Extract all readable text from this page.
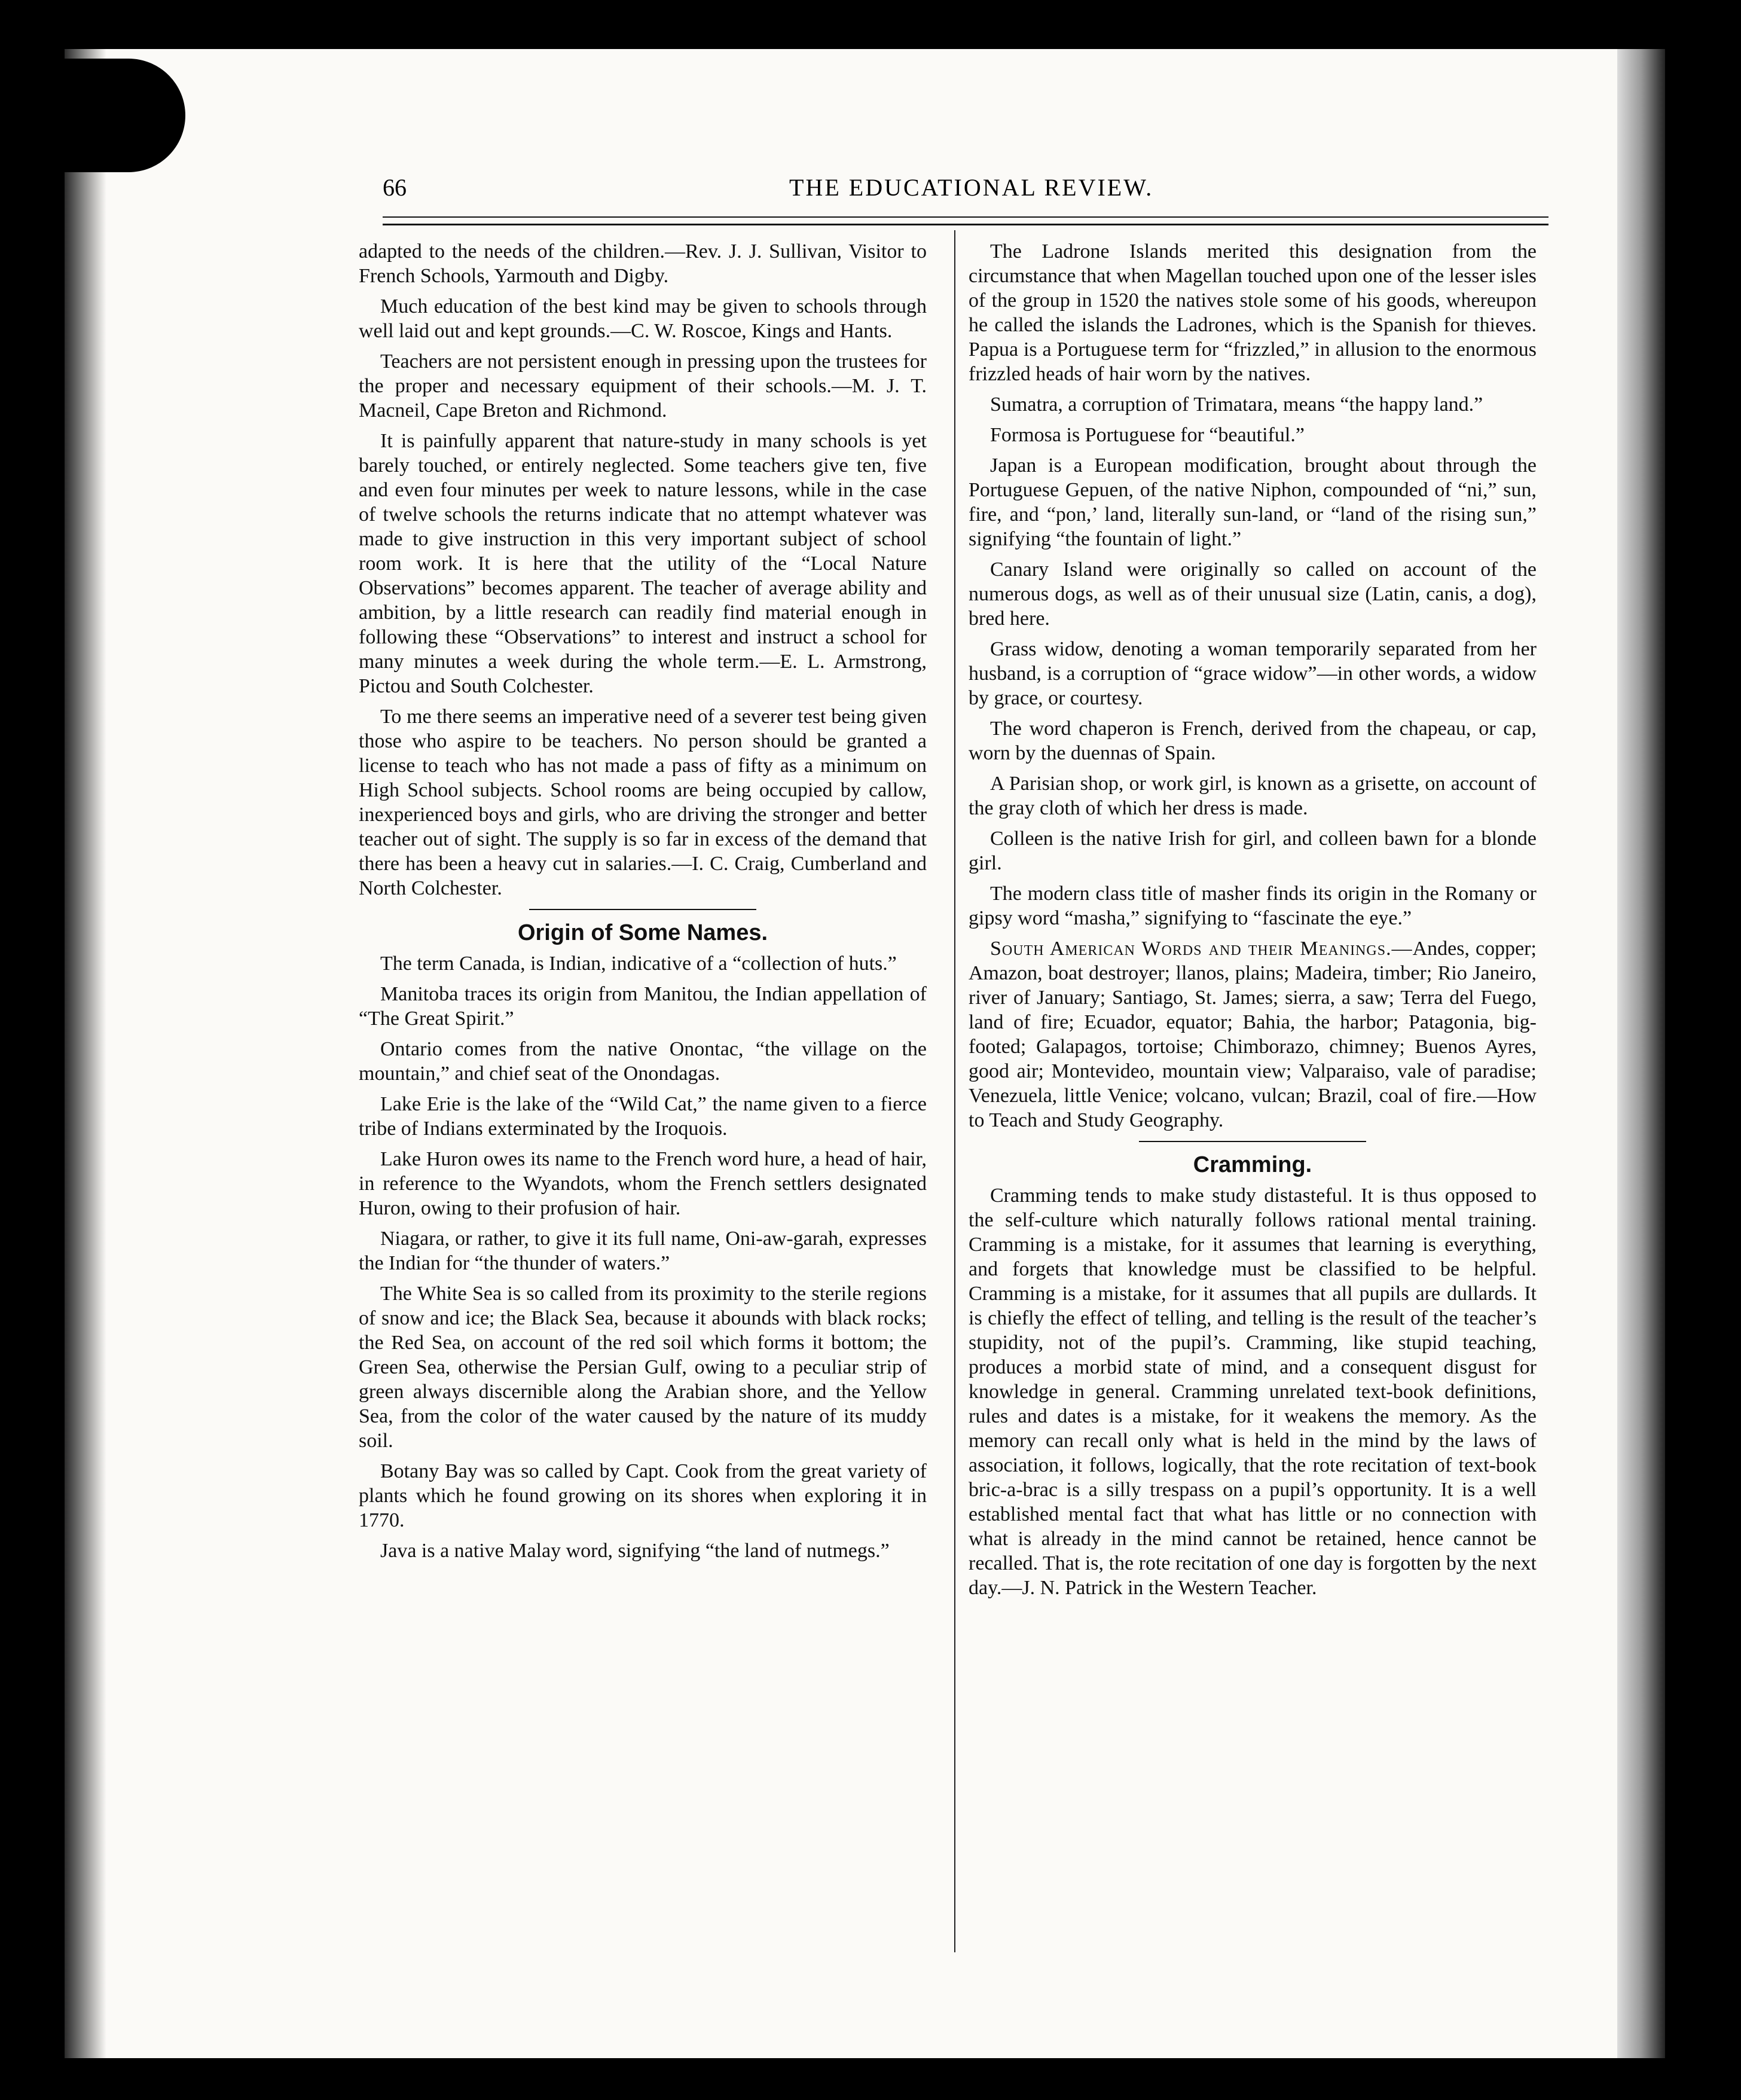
66	THE EDUCATIONAL REVIEW.

adapted to the needs of the children.—Rev. J. J. Sullivan, Visitor to French Schools, Yarmouth and Digby.

Much education of the best kind may be given to schools through well laid out and kept grounds.—C. W. Roscoe, Kings and Hants.

Teachers are not persistent enough in pressing upon the trustees for the proper and necessary equipment of their schools.—M. J. T. Macneil, Cape Breton and Richmond.

It is painfully apparent that nature-study in many schools is yet barely touched, or entirely neglected. Some teachers give ten, five and even four minutes per week to nature lessons, while in the case of twelve schools the returns indicate that no attempt whatever was made to give instruction in this very important subject of school room work. It is here that the utility of the “Local Nature Observations” becomes apparent. The teacher of average ability and ambition, by a little research can readily find material enough in following these “Observations” to interest and instruct a school for many minutes a week during the whole term.—E. L. Armstrong, Pictou and South Colchester.

To me there seems an imperative need of a severer test being given those who aspire to be teachers. No person should be granted a license to teach who has not made a pass of fifty as a minimum on High School subjects. School rooms are being occupied by callow, inexperienced boys and girls, who are driving the stronger and better teacher out of sight. The supply is so far in excess of the demand that there has been a heavy cut in salaries.—I. C. Craig, Cumberland and North Colchester.

Origin of Some Names.

The term Canada, is Indian, indicative of a “collection of huts.”

Manitoba traces its origin from Manitou, the Indian appellation of “The Great Spirit.”

Ontario comes from the native Onontac, “the village on the mountain,” and chief seat of the Onondagas.

Lake Erie is the lake of the “Wild Cat,” the name given to a fierce tribe of Indians exterminated by the Iroquois.

Lake Huron owes its name to the French word hure, a head of hair, in reference to the Wyandots, whom the French settlers designated Huron, owing to their profusion of hair.

Niagara, or rather, to give it its full name, Oni-aw-garah, expresses the Indian for “the thunder of waters.”

The White Sea is so called from its proximity to the sterile regions of snow and ice; the Black Sea, because it abounds with black rocks; the Red Sea, on account of the red soil which forms it bottom; the Green Sea, otherwise the Persian Gulf, owing to a peculiar strip of green always discernible along the Arabian shore, and the Yellow Sea, from the color of the water caused by the nature of its muddy soil.

Botany Bay was so called by Capt. Cook from the great variety of plants which he found growing on its shores when exploring it in 1770.

Java is a native Malay word, signifying “the land of nutmegs.”

The Ladrone Islands merited this designation from the circumstance that when Magellan touched upon one of the lesser isles of the group in 1520 the natives stole some of his goods, whereupon he called the islands the Ladrones, which is the Spanish for thieves. Papua is a Portuguese term for “frizzled,” in allusion to the enormous frizzled heads of hair worn by the natives.

Sumatra, a corruption of Trimatara, means “the happy land.”

Formosa is Portuguese for “beautiful.”

Japan is a European modification, brought about through the Portuguese Gepuen, of the native Niphon, compounded of “ni,” sun, fire, and “pon,’ land, literally sun-land, or “land of the rising sun,” signifying “the fountain of light.”

Canary Island were originally so called on account of the numerous dogs, as well as of their unusual size (Latin, canis, a dog), bred here.

Grass widow, denoting a woman temporarily separated from her husband, is a corruption of “grace widow”—in other words, a widow by grace, or courtesy.

The word chaperon is French, derived from the chapeau, or cap, worn by the duennas of Spain.

A Parisian shop, or work girl, is known as a grisette, on account of the gray cloth of which her dress is made.

Colleen is the native Irish for girl, and colleen bawn for a blonde girl.

The modern class title of masher finds its origin in the Romany or gipsy word “masha,” signifying to “fascinate the eye.”

South American Words and their Meanings.—Andes, copper; Amazon, boat destroyer; llanos, plains; Madeira, timber; Rio Janeiro, river of January; Santiago, St. James; sierra, a saw; Terra del Fuego, land of fire; Ecuador, equator; Bahia, the harbor; Patagonia, big-footed; Galapagos, tortoise; Chimborazo, chimney; Buenos Ayres, good air; Montevideo, mountain view; Valparaiso, vale of paradise; Venezuela, little Venice; volcano, vulcan; Brazil, coal of fire.—How to Teach and Study Geography.

Cramming.

Cramming tends to make study distasteful. It is thus opposed to the self-culture which naturally follows rational mental training. Cramming is a mistake, for it assumes that learning is everything, and forgets that knowledge must be classified to be helpful. Cramming is a mistake, for it assumes that all pupils are dullards. It is chiefly the effect of telling, and telling is the result of the teacher’s stupidity, not of the pupil’s. Cramming, like stupid teaching, produces a morbid state of mind, and a consequent disgust for knowledge in general. Cramming unrelated text-book definitions, rules and dates is a mistake, for it weakens the memory. As the memory can recall only what is held in the mind by the laws of association, it follows, logically, that the rote recitation of text-book bric-a-brac is a silly trespass on a pupil’s opportunity. It is a well established mental fact that what has little or no connection with what is already in the mind cannot be retained, hence cannot be recalled. That is, the rote recitation of one day is forgotten by the next day.—J. N. Patrick in the Western Teacher.
